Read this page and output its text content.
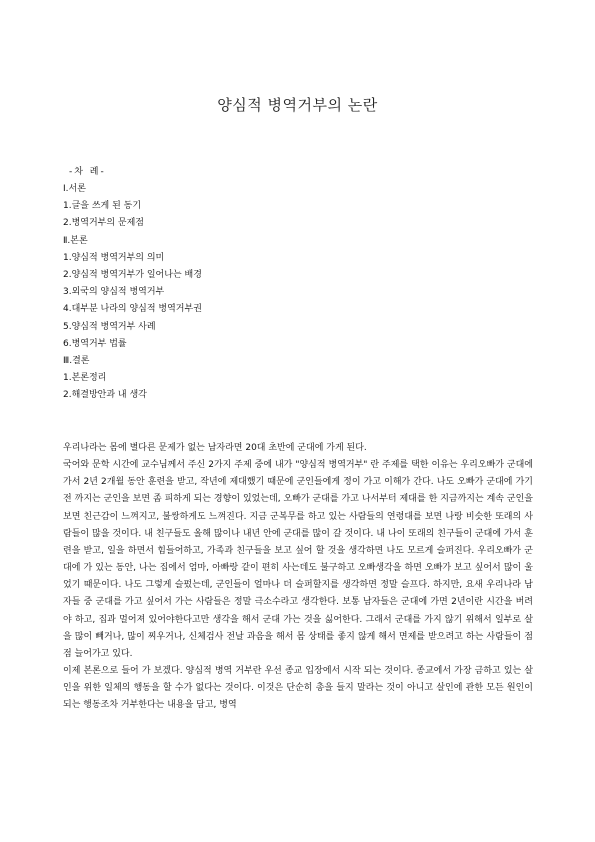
양심적 병역거부의 논란
-차 례-
Ⅰ.서론
1.글을 쓰게 된 동기
2.병역거부의 문제점
Ⅱ.본론
1.양심적 병역거부의 의미
2.양심적 병역거부가 일어나는 배경
3.외국의 양심적 병역거부
4.대부분 나라의 양심적 병역거부권
5.양심적 병역거부 사례
6.병역거부 법률
Ⅲ.결론
1.본론정리
2.해결방안과 내 생각

우리나라는 몸에 별다른 문제가 없는 남자라면 20대 초반에 군대에 가게 된다.

국어와 문학 시간에 교수님께서 주신 2가지 주제 중에 내가 "양심적 병역거부" 란 주제를 택한 이유는 우리오빠가 군대에 가서 2년 2개월 동안 훈련을 받고, 작년에 제대했기 때문에 군인들에게 정이 가고 이해가 간다. 나도 오빠가 군대에 가기 전 까지는 군인을 보면 좀 피하게 되는 경향이 있었는데, 오빠가 군대를 가고 나서부터 제대를 한 지금까지는 계속 군인을 보면 친근감이 느껴지고, 불쌍하게도 느껴진다. 지금 군복무를 하고 있는 사람들의 연령대를 보면 나랑 비슷한 또래의 사람들이 많을 것이다. 내 친구들도 올해 많이나 내년 안에 군대를 많이 갈 것이다. 내 나이 또래의 친구들이 군대에 가서 훈련을 받고, 일을 하면서 힘들어하고, 가족과 친구들을 보고 싶어 할 것을 생각하면 나도 모르게 슬퍼진다. 우리오빠가 군대에 가 있는 동안, 나는 집에서 엄마, 아빠랑 같이 편히 사는데도 불구하고 오빠생각을 하면 오빠가 보고 싶어서 많이 울었기 때문이다. 나도 그렇게 슬펐는데, 군인들이 얼마나 더 슬퍼할지를 생각하면 정말 슬프다. 하지만, 요새 우리나라 남자들 중 군대를 가고 싶어서 가는 사람들은 정말 극소수라고 생각한다. 보통 남자들은 군대에 가면 2년이란 시간을 버려야 하고, 집과 멀어져 있어야한다고만 생각을 해서 군대 가는 것을 싫어한다. 그래서 군대를 가지 않기 위해서 일부로 살을 많이 빼거나, 많이 찌우거나, 신체검사 전날 과음을 해서 몸 상태를 좋지 않게 해서 면제를 받으려고 하는 사람들이 점점 늘어가고 있다.

이제 본론으로 들어 가 보겠다. 양심적 병역 거부란 우선 종교 입장에서 시작 되는 것이다. 종교에서 가장 금하고 있는 살인을 위한 일체의 행동을 할 수가 없다는 것이다. 이것은 단순히 총을 들지 말라는 것이 아니고 살인에 관한 모든 원인이 되는 행동조차 거부한다는 내용을 담고, 병역
